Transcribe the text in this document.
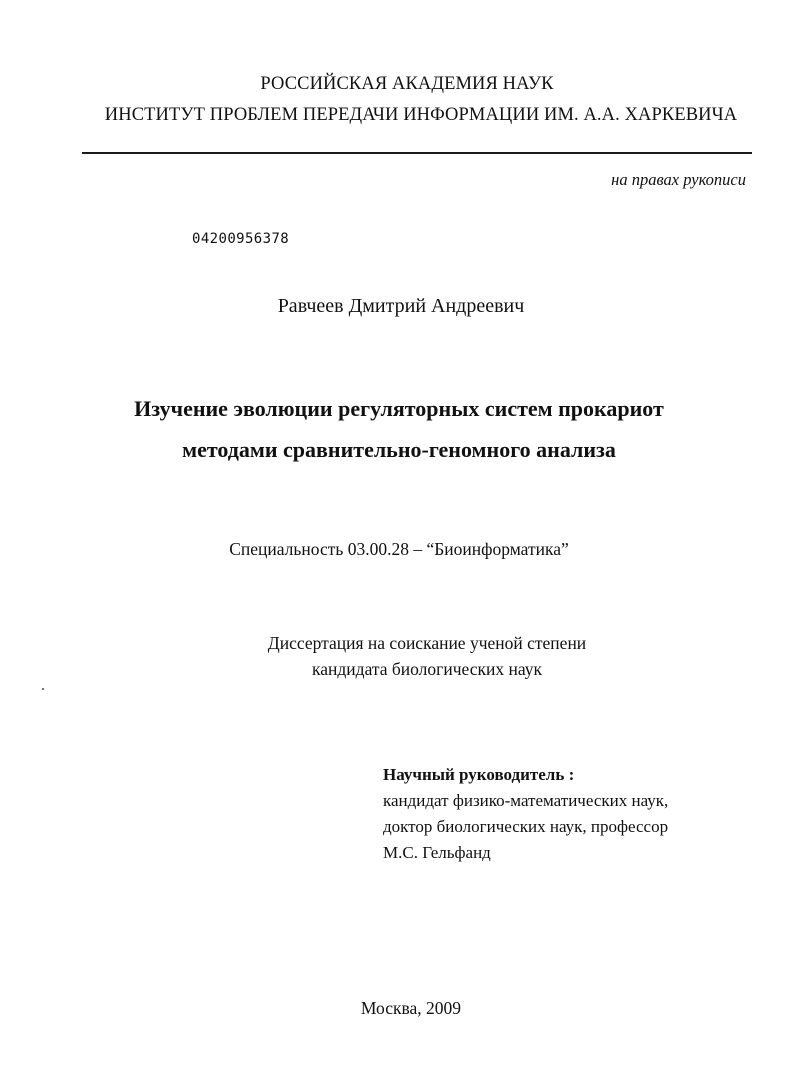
РОССИЙСКАЯ АКАДЕМИЯ НАУК
ИНСТИТУТ ПРОБЛЕМ ПЕРЕДАЧИ ИНФОРМАЦИИ ИМ. А.А. ХАРКЕВИЧА
на правах рукописи
04200956378
Равчеев Дмитрий Андреевич
Изучение эволюции регуляторных систем прокариот
методами сравнительно-геномного анализа
Специальность 03.00.28 – “Биоинформатика”
Диссертация на соискание ученой степени
кандидата биологических наук
Научный руководитель :
кандидат физико-математических наук,
доктор биологических наук, профессор
М.С. Гельфанд
Москва, 2009
